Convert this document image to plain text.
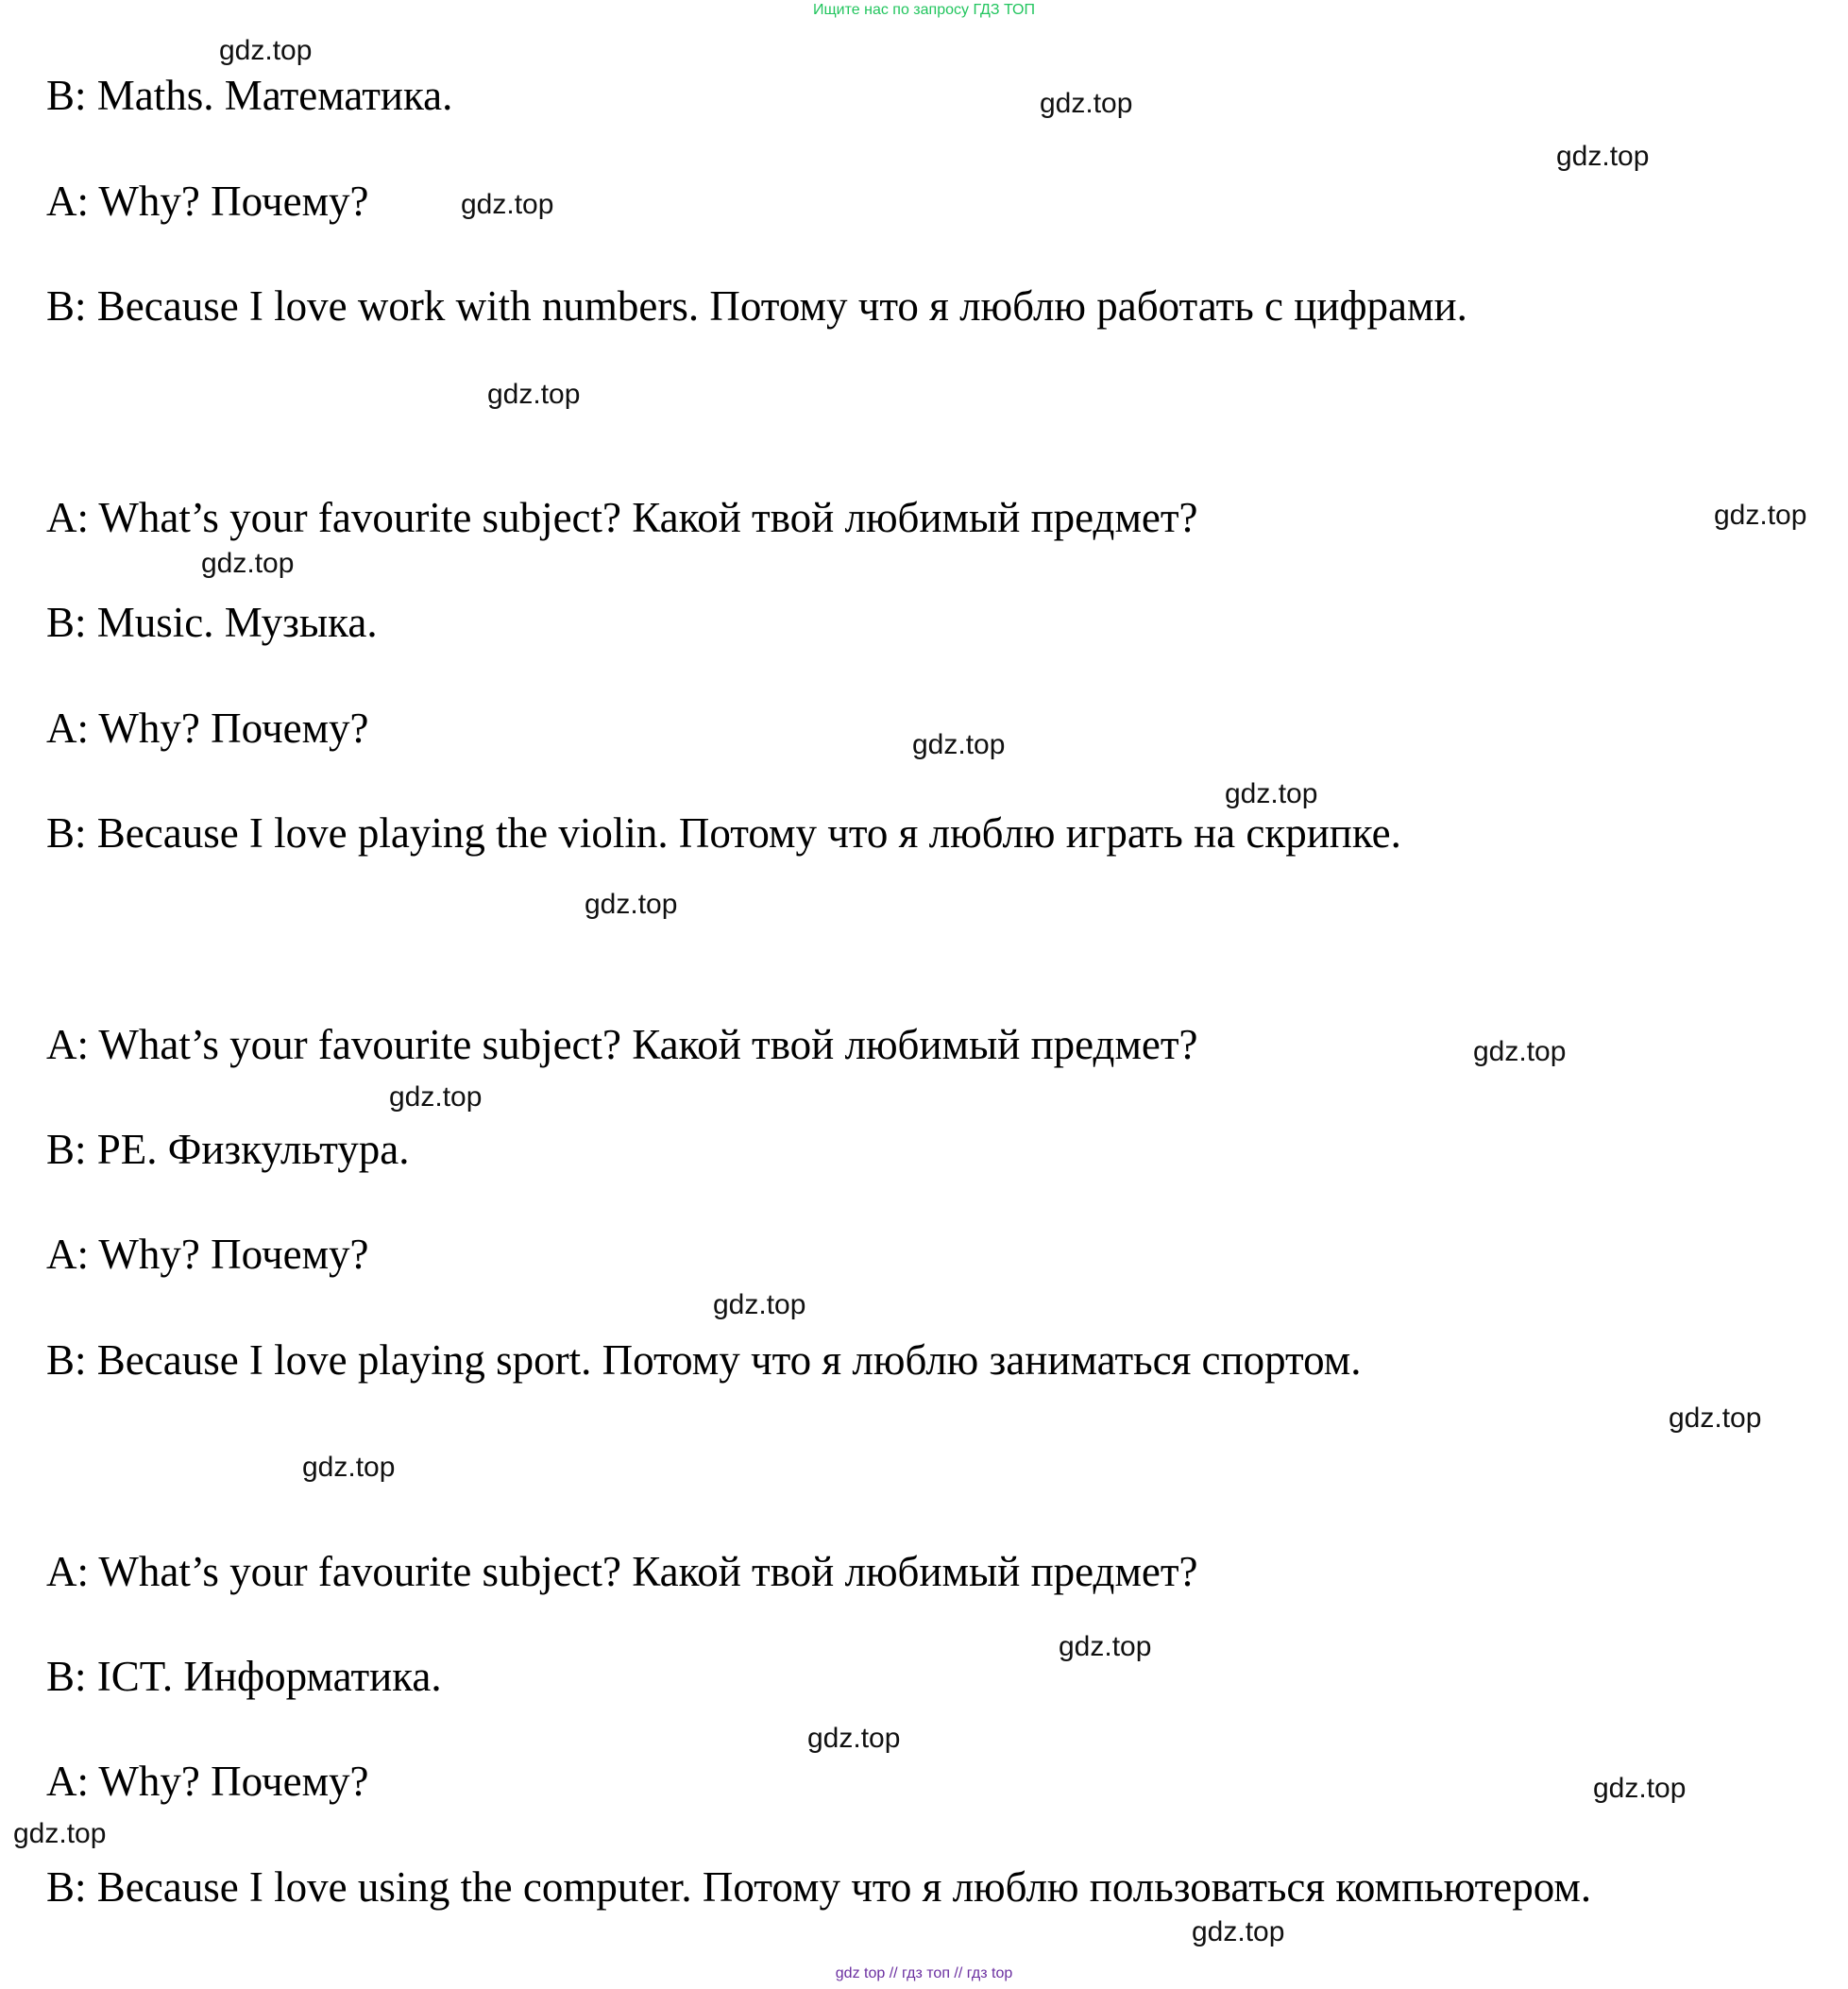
Ищите нас по запросу ГДЗ ТОП
B: Maths. Математика.
A: Why? Почему?
B: Because I love work with numbers. Потому что я люблю работать с цифрами.
A: What’s your favourite subject? Какой твой любимый предмет?
B: Music. Музыка.
A: Why? Почему?
B: Because I love playing the violin. Потому что я люблю играть на скрипке.
A: What’s your favourite subject? Какой твой любимый предмет?
B: PE. Физкультура.
A: Why? Почему?
B: Because I love playing sport. Потому что я люблю заниматься спортом.
A: What’s your favourite subject? Какой твой любимый предмет?
B: ICT. Информатика.
A: Why? Почему?
B: Because I love using the computer. Потому что я люблю пользоваться компьютером.
gdz.top
gdz.top
gdz.top
gdz.top
gdz.top
gdz.top
gdz.top
gdz.top
gdz.top
gdz.top
gdz.top
gdz.top
gdz.top
gdz.top
gdz.top
gdz.top
gdz.top
gdz.top
gdz.top
gdz.top
gdz top // гдз топ // гдз top
